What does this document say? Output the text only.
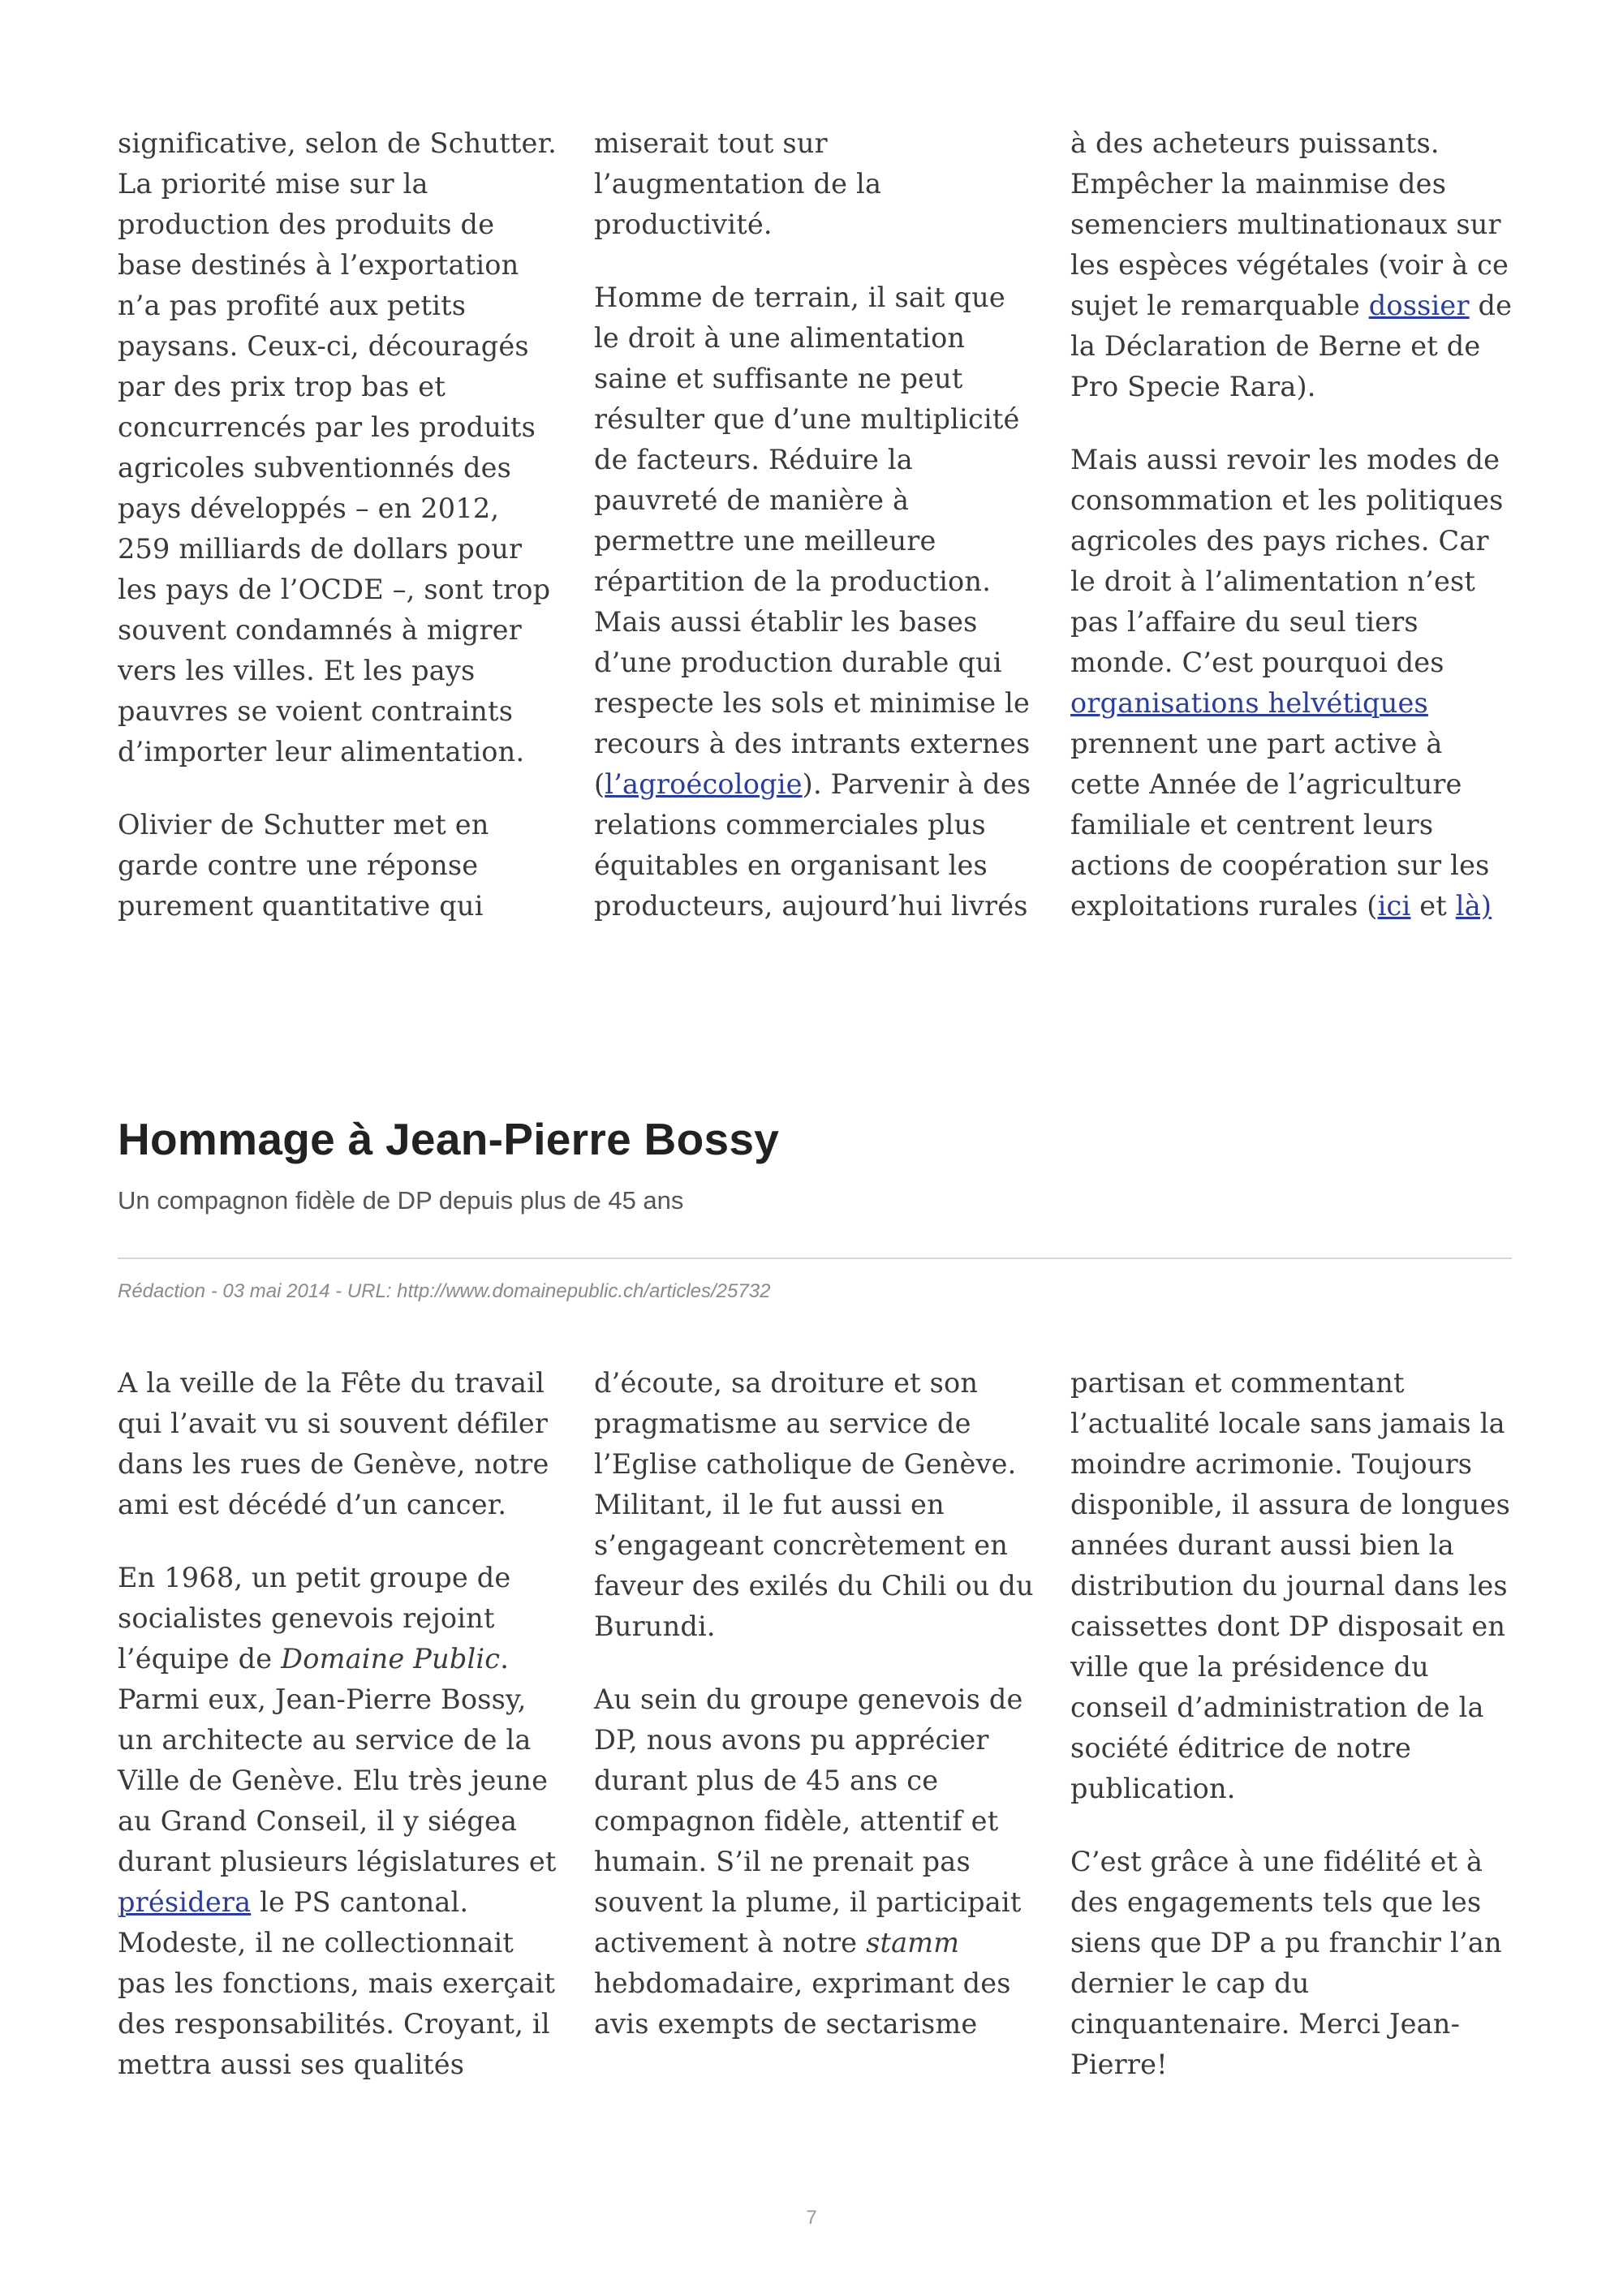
significative, selon de Schutter. La priorité mise sur la production des produits de base destinés à l’exportation n’a pas profité aux petits paysans. Ceux-ci, découragés par des prix trop bas et concurrencés par les produits agricoles subventionnés des pays développés – en 2012, 259 milliards de dollars pour les pays de l’OCDE –, sont trop souvent condamnés à migrer vers les villes. Et les pays pauvres se voient contraints d’importer leur alimentation.

Olivier de Schutter met en garde contre une réponse purement quantitative qui

miserait tout sur l’augmentation de la productivité.

Homme de terrain, il sait que le droit à une alimentation saine et suffisante ne peut résulter que d’une multiplicité de facteurs. Réduire la pauvreté de manière à permettre une meilleure répartition de la production. Mais aussi établir les bases d’une production durable qui respecte les sols et minimise le recours à des intrants externes (l’agroécologie). Parvenir à des relations commerciales plus équitables en organisant les producteurs, aujourd’hui livrés

à des acheteurs puissants. Empêcher la mainmise des semenciers multinationaux sur les espèces végétales (voir à ce sujet le remarquable dossier de la Déclaration de Berne et de Pro Specie Rara).

Mais aussi revoir les modes de consommation et les politiques agricoles des pays riches. Car le droit à l’alimentation n’est pas l’affaire du seul tiers monde. C’est pourquoi des organisations helvétiques prennent une part active à cette Année de l’agriculture familiale et centrent leurs actions de coopération sur les exploitations rurales (ici et là)

Hommage à Jean-Pierre Bossy
Un compagnon fidèle de DP depuis plus de 45 ans
Rédaction - 03 mai 2014 - URL: http://www.domainepublic.ch/articles/25732

A la veille de la Fête du travail qui l’avait vu si souvent défiler dans les rues de Genève, notre ami est décédé d’un cancer.

En 1968, un petit groupe de socialistes genevois rejoint l’équipe de Domaine Public. Parmi eux, Jean-Pierre Bossy, un architecte au service de la Ville de Genève. Elu très jeune au Grand Conseil, il y siégea durant plusieurs législatures et présidera le PS cantonal. Modeste, il ne collectionnait pas les fonctions, mais exerçait des responsabilités. Croyant, il mettra aussi ses qualités

d’écoute, sa droiture et son pragmatisme au service de l’Eglise catholique de Genève. Militant, il le fut aussi en s’engageant concrètement en faveur des exilés du Chili ou du Burundi.

Au sein du groupe genevois de DP, nous avons pu apprécier durant plus de 45 ans ce compagnon fidèle, attentif et humain. S’il ne prenait pas souvent la plume, il participait activement à notre stamm hebdomadaire, exprimant des avis exempts de sectarisme

partisan et commentant l’actualité locale sans jamais la moindre acrimonie. Toujours disponible, il assura de longues années durant aussi bien la distribution du journal dans les caissettes dont DP disposait en ville que la présidence du conseil d’administration de la société éditrice de notre publication.

C’est grâce à une fidélité et à des engagements tels que les siens que DP a pu franchir l’an dernier le cap du cinquantenaire. Merci Jean-Pierre!

7
